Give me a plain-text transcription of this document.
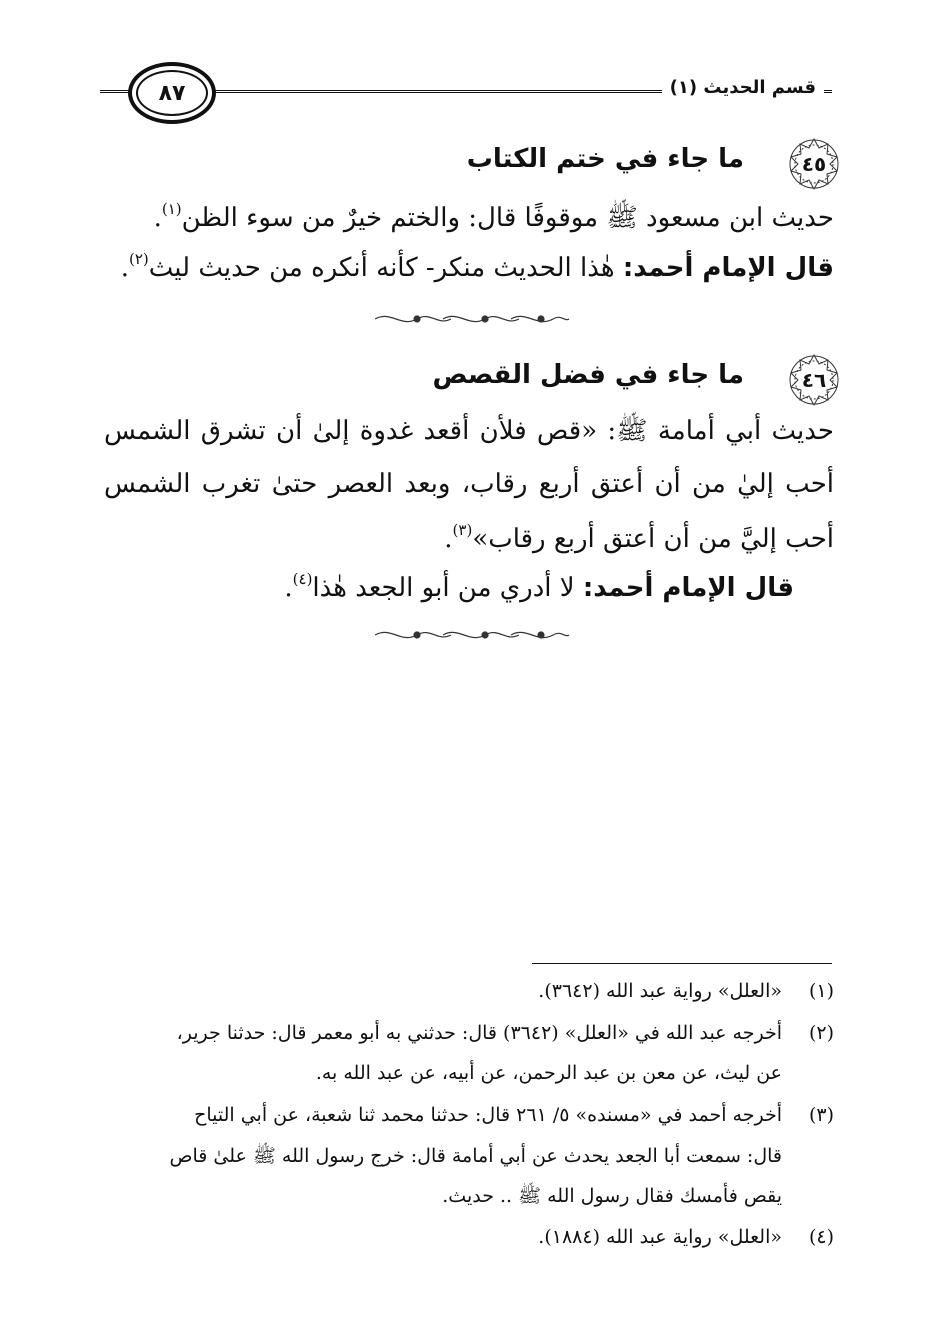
قسم الحديث (١)
٨٧
٤٥
ما جاء في ختم الكتاب
حديث ابن مسعود ﷺ موقوفًا قال: والختم خيرٌ من سوء الظن$^{(١)}$.
قال الإمام أحمد: هٰذا الحديث منكر- كأنه أنكره من حديث ليث$^{(٢)}$.
٤٦
ما جاء في فضل القصص
حديث أبي أمامة ﷺ: «قص فلأن أقعد غدوة إلىٰ أن تشرق الشمس
أحب إليٰ من أن أعتق أربع رقاب، وبعد العصر حتىٰ تغرب الشمس
أحب إليَّ من أن أعتق أربع رقاب»$^{(٣)}$.
قال الإمام أحمد: لا أدري من أبو الجعد هٰذا$^{(٤)}$.
(١)«العلل» رواية عبد الله (٣٦٤٢).
(٢)أخرجه عبد الله في «العلل» (٣٦٤٢) قال: حدثني به أبو معمر قال: حدثنا جرير،
عن ليث، عن معن بن عبد الرحمن، عن أبيه، عن عبد الله به.
(٣)أخرجه أحمد في «مسنده» ٥/ ٢٦١ قال: حدثنا محمد ثنا شعبة، عن أبي التياح
قال: سمعت أبا الجعد يحدث عن أبي أمامة قال: خرج رسول الله ﷺ علىٰ قاص
يقص فأمسك فقال رسول الله ﷺ .. حديث.
(٤)«العلل» رواية عبد الله (١٨٨٤).
